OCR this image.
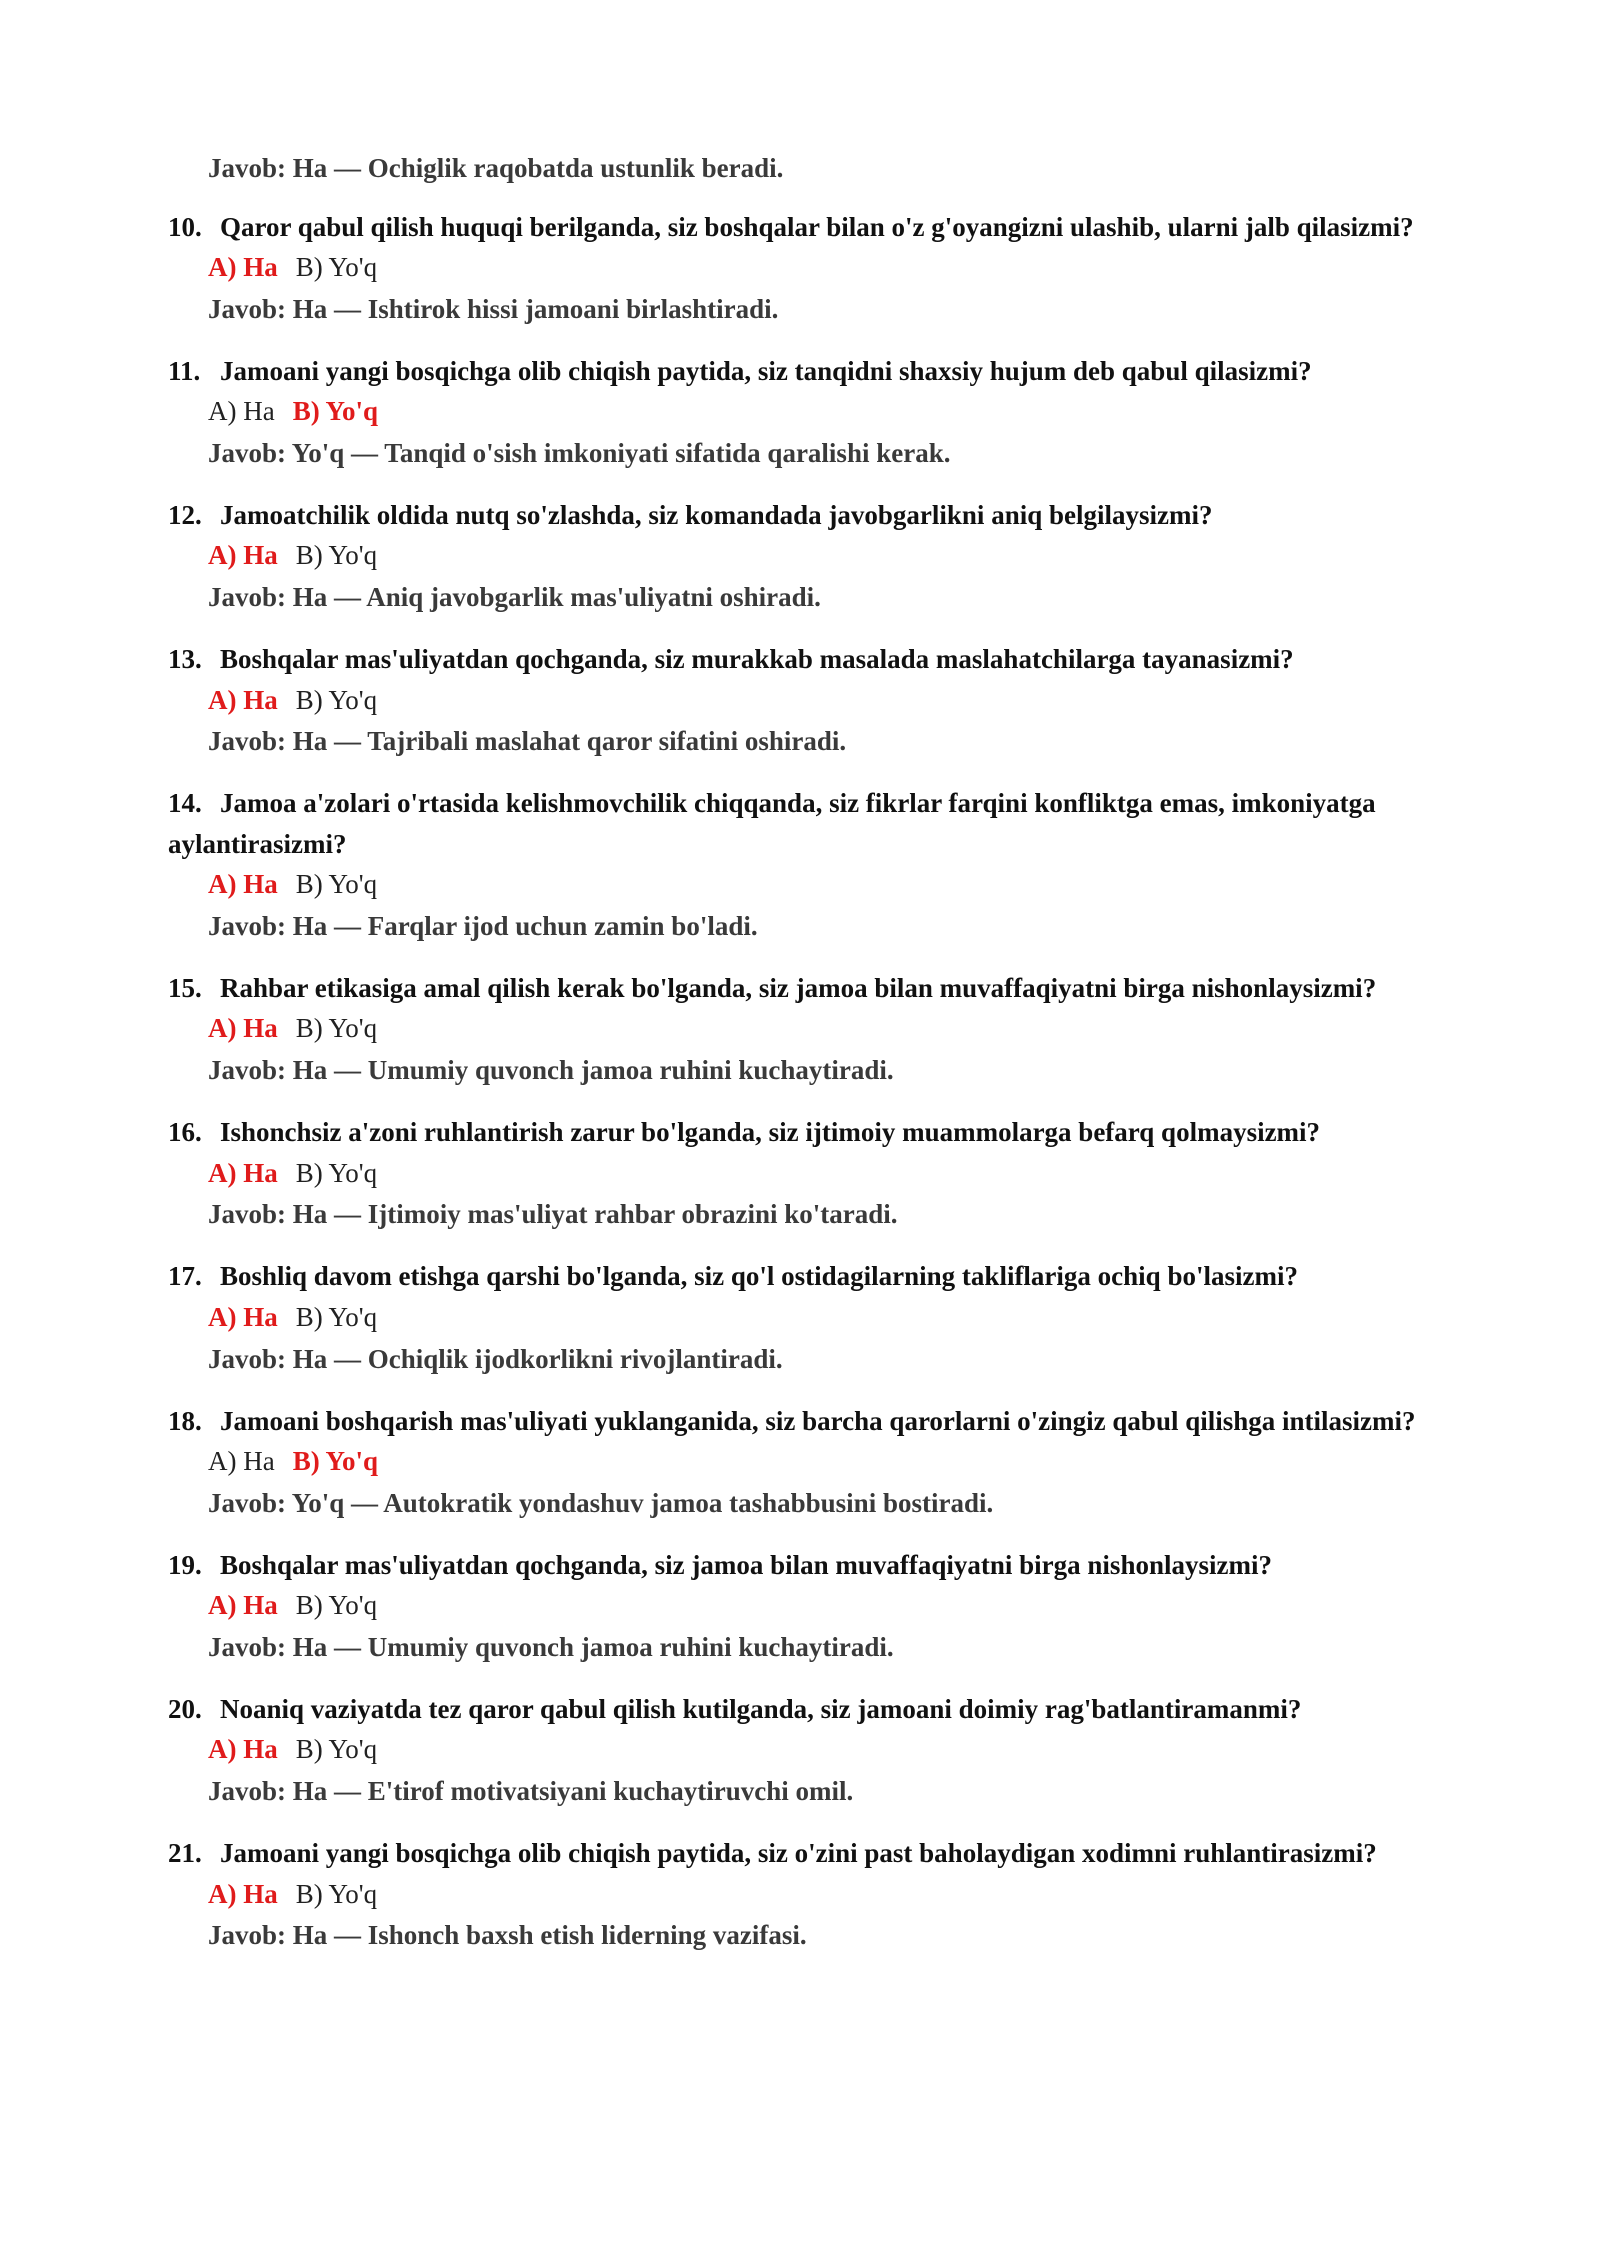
Javob: Ha — Ochiglik raqobatda ustunlik beradi.

10. Qaror qabul qilish huquqi berilganda, siz boshqalar bilan o'z g'oyangizni ulashib, ularni jalb qilasizmi?

A) Ha B) Yo'q
Javob: Ha — Ishtirok hissi jamoani birlashtiradi.

11. Jamoani yangi bosqichga olib chiqish paytida, siz tanqidni shaxsiy hujum deb qabul qilasizmi?

A) Ha B) Yo'q
Javob: Yo'q — Tanqid o'sish imkoniyati sifatida qaralishi kerak.

12. Jamoatchilik oldida nutq so'zlashda, siz komandada javobgarlikni aniq belgilaysizmi?

A) Ha B) Yo'q
Javob: Ha — Aniq javobgarlik mas'uliyatni oshiradi.

13. Boshqalar mas'uliyatdan qochganda, siz murakkab masalada maslahatchilarga tayanasizmi?

A) Ha B) Yo'q
Javob: Ha — Tajribali maslahat qaror sifatini oshiradi.

14. Jamoa a'zolari o'rtasida kelishmovchilik chiqqanda, siz fikrlar farqini konfliktga emas, imkoniyatga aylantirasizmi?

A) Ha B) Yo'q
Javob: Ha — Farqlar ijod uchun zamin bo'ladi.

15. Rahbar etikasiga amal qilish kerak bo'lganda, siz jamoa bilan muvaffaqiyatni birga nishonlaysizmi?

A) Ha B) Yo'q
Javob: Ha — Umumiy quvonch jamoa ruhini kuchaytiradi.

16. Ishonchsiz a'zoni ruhlantirish zarur bo'lganda, siz ijtimoiy muammolarga befarq qolmaysizmi?

A) Ha B) Yo'q
Javob: Ha — Ijtimoiy mas'uliyat rahbar obrazini ko'taradi.

17. Boshliq davom etishga qarshi bo'lganda, siz qo'l ostidagilarning takliflariga ochiq bo'lasizmi?

A) Ha B) Yo'q
Javob: Ha — Ochiqlik ijodkorlikni rivojlantiradi.

18. Jamoani boshqarish mas'uliyati yuklanganida, siz barcha qarorlarni o'zingiz qabul qilishga intilasizmi?

A) Ha B) Yo'q
Javob: Yo'q — Autokratik yondashuv jamoa tashabbusini bostiradi.

19. Boshqalar mas'uliyatdan qochganda, siz jamoa bilan muvaffaqiyatni birga nishonlaysizmi?

A) Ha B) Yo'q
Javob: Ha — Umumiy quvonch jamoa ruhini kuchaytiradi.

20. Noaniq vaziyatda tez qaror qabul qilish kutilganda, siz jamoani doimiy rag'batlantiramanmi?

A) Ha B) Yo'q
Javob: Ha — E'tirof motivatsiyani kuchaytiruvchi omil.

21. Jamoani yangi bosqichga olib chiqish paytida, siz o'zini past baholaydigan xodimni ruhlantirasizmi?

A) Ha B) Yo'q
Javob: Ha — Ishonch baxsh etish liderning vazifasi.
